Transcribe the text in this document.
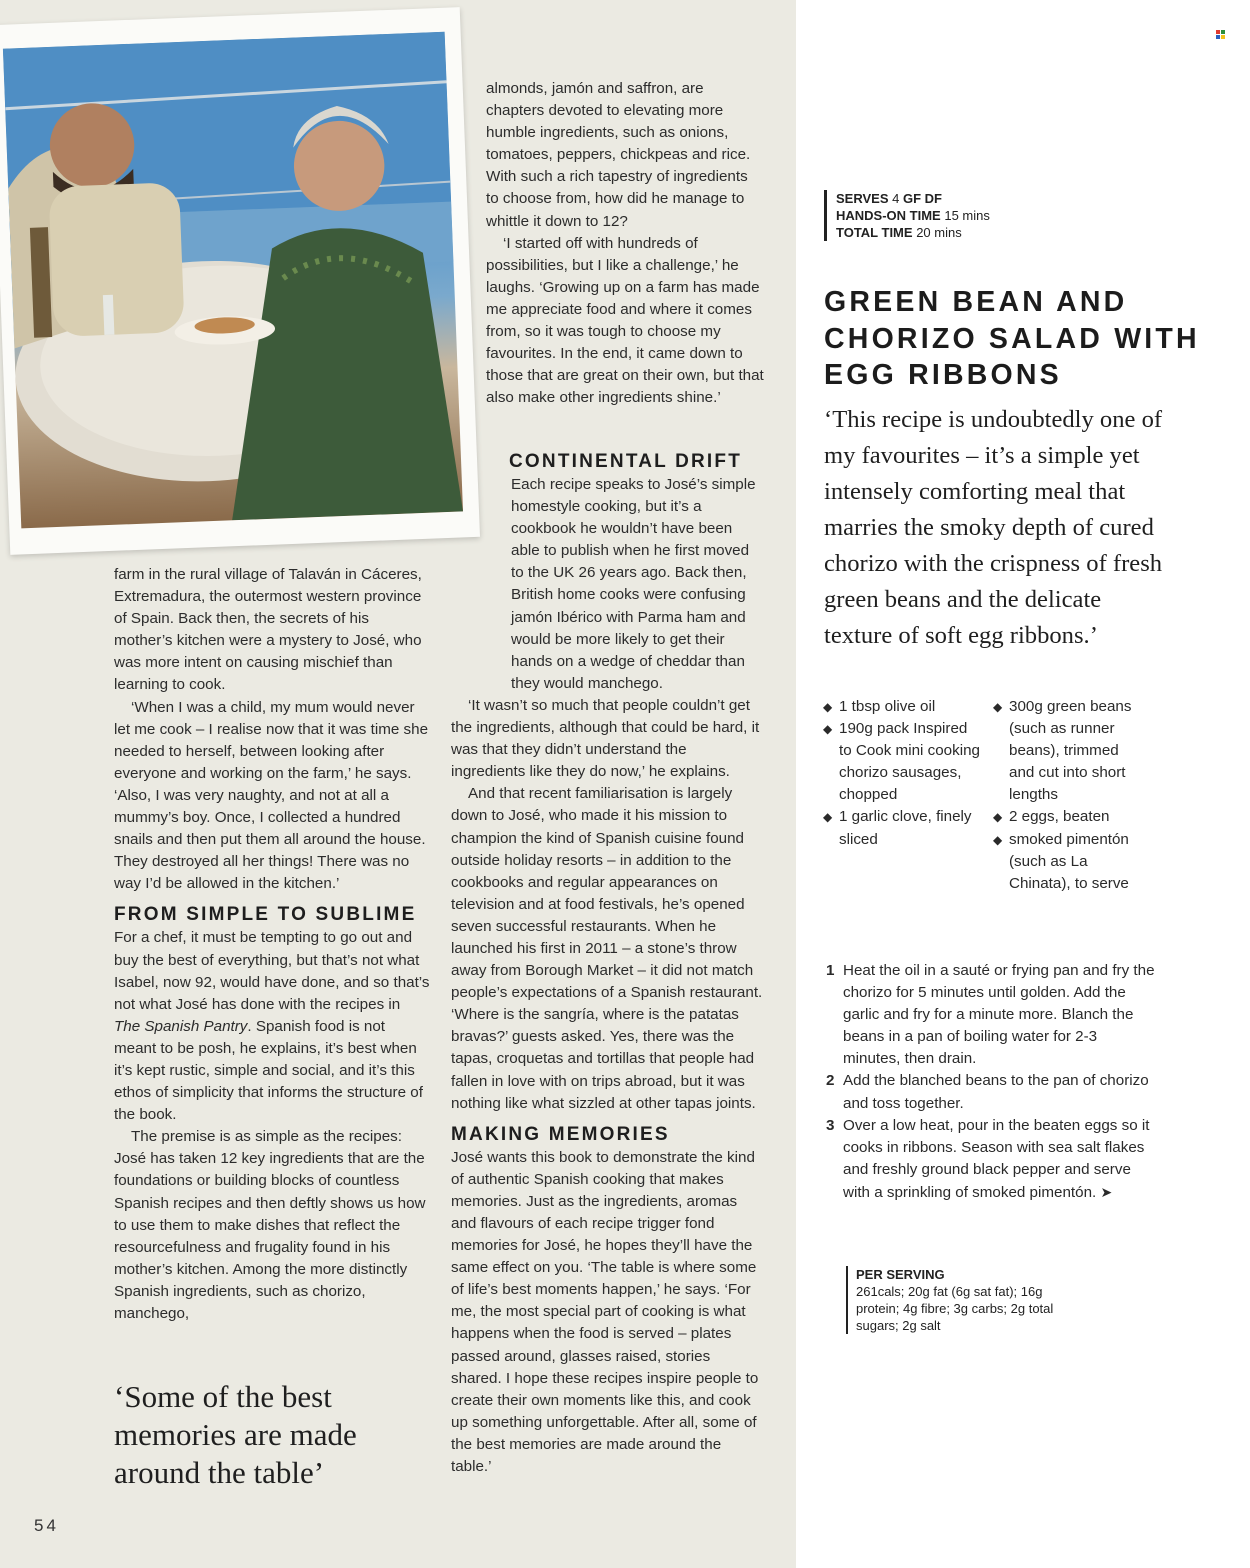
farm in the rural village of Talaván in Cáceres, Extremadura, the outermost western province of Spain. Back then, the secrets of his mother’s kitchen were a mystery to José, who was more intent on causing mischief than learning to cook.

‘When I was a child, my mum would never let me cook – I realise now that it was time she needed to herself, between looking after everyone and working on the farm,’ he says. ‘Also, I was very naughty, and not at all a mummy’s boy. Once, I collected a hundred snails and then put them all around the house. They destroyed all her things! There was no way I’d be allowed in the kitchen.’

FROM SIMPLE TO SUBLIME

For a chef, it must be tempting to go out and buy the best of everything, but that’s not what Isabel, now 92, would have done, and so that’s not what José has done with the recipes in The Spanish Pantry. Spanish food is not meant to be posh, he explains, it’s best when it’s kept rustic, simple and social, and it’s this ethos of simplicity that informs the structure of the book.

The premise is as simple as the recipes: José has taken 12 key ingredients that are the foundations or building blocks of countless Spanish recipes and then deftly shows us how to use them to make dishes that reflect the resourcefulness and frugality found in his mother’s kitchen. Among the more distinctly Spanish ingredients, such as chorizo, manchego,

‘Some of the best memories are made around the table’

almonds, jamón and saffron, are chapters devoted to elevating more humble ingredients, such as onions, tomatoes, peppers, chickpeas and rice. With such a rich tapestry of ingredients to choose from, how did he manage to whittle it down to 12?

‘I started off with hundreds of possibilities, but I like a challenge,’ he laughs. ‘Growing up on a farm has made me appreciate food and where it comes from, so it was tough to choose my favourites. In the end, it came down to those that are great on their own, but that also make other ingredients shine.’

CONTINENTAL DRIFT

Each recipe speaks to José’s simple homestyle cooking, but it’s a cookbook he wouldn’t have been able to publish when he first moved to the UK 26 years ago. Back then, British home cooks were confusing jamón Ibérico with Parma ham and would be more likely to get their hands on a wedge of cheddar than they would manchego.

‘It wasn’t so much that people couldn’t get the ingredients, although that could be hard, it was that they didn’t understand the ingredients like they do now,’ he explains.

And that recent familiarisation is largely down to José, who made it his mission to champion the kind of Spanish cuisine found outside holiday resorts – in addition to the cookbooks and regular appearances on television and at food festivals, he’s opened seven successful restaurants. When he launched his first in 2011 – a stone’s throw away from Borough Market – it did not match people’s expectations of a Spanish restaurant. ‘Where is the sangría, where is the patatas bravas?’ guests asked. Yes, there was the tapas, croquetas and tortillas that people had fallen in love with on trips abroad, but it was nothing like what sizzled at other tapas joints.

MAKING MEMORIES

José wants this book to demonstrate the kind of authentic Spanish cooking that makes memories. Just as the ingredients, aromas and flavours of each recipe trigger fond memories for José, he hopes they’ll have the same effect on you. ‘The table is where some of life’s best moments happen,’ he says. ‘For me, the most special part of cooking is what happens when the food is served – plates passed around, glasses raised, stories shared. I hope these recipes inspire people to create their own moments like this, and cook up something unforgettable. After all, some of the best memories are made around the table.’

54
SERVES 4 GF DF
HANDS-ON TIME 15 mins
TOTAL TIME 20 mins
GREEN BEAN AND CHORIZO SALAD WITH EGG RIBBONS
‘This recipe is undoubtedly one of my favourites – it’s a simple yet intensely comforting meal that marries the smoky depth of cured chorizo with the crispness of fresh green beans and the delicate texture of soft egg ribbons.’
◆ 1 tbsp olive oil
◆ 190g pack Inspired to Cook mini cooking chorizo sausages, chopped
◆ 1 garlic clove, finely sliced
◆ 300g green beans (such as runner beans), trimmed and cut into short lengths
◆ 2 eggs, beaten
◆ smoked pimentón (such as La Chinata), to serve
1 Heat the oil in a sauté or frying pan and fry the chorizo for 5 minutes until golden. Add the garlic and fry for a minute more. Blanch the beans in a pan of boiling water for 2-3 minutes, then drain.
2 Add the blanched beans to the pan of chorizo and toss together.
3 Over a low heat, pour in the beaten eggs so it cooks in ribbons. Season with sea salt flakes and freshly ground black pepper and serve with a sprinkling of smoked pimentón. ➤
PER SERVING
261cals; 20g fat (6g sat fat); 16g protein; 4g fibre; 3g carbs; 2g total sugars; 2g salt
